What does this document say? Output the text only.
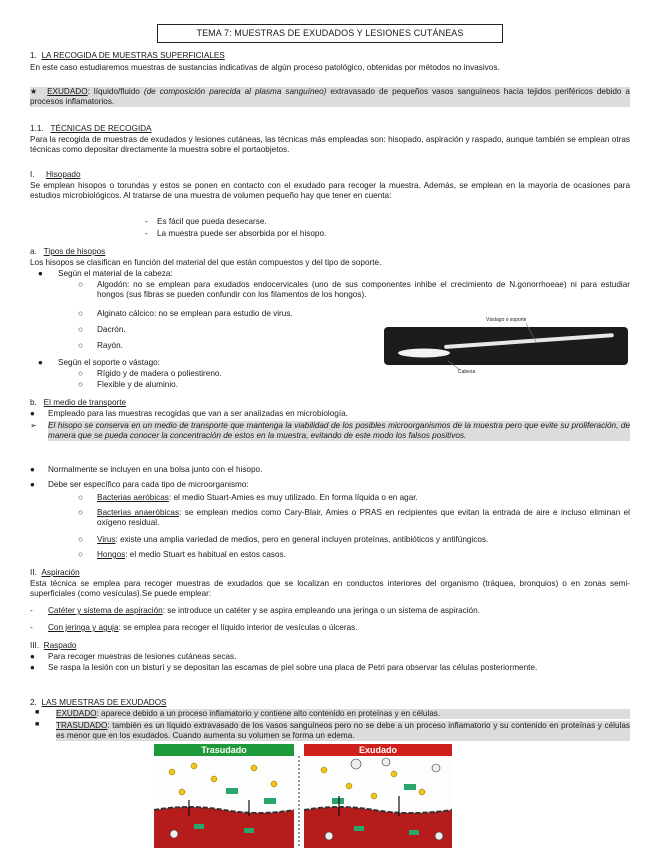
TEMA 7: MUESTRAS DE EXUDADOS Y LESIONES CUTÁNEAS
1. LA RECOGIDA DE MUESTRAS SUPERFICIALES
En este caso estudiaremos muestras de sustancias indicativas de algún proceso patológico, obtenidas por métodos no invasivos.
★ EXUDADO: líquido/fluido (de composición parecida al plasma sanguíneo) extravasado de pequeños vasos sanguíneos hacia tejidos periféricos debido a procesos inflamatorios.
1.1. TÉCNICAS DE RECOGIDA
Para la recogida de muestras de exudados y lesiones cutáneas, las técnicas más empleadas son: hisopado, aspiración y raspado, aunque también se emplean otras técnicas como depositar directamente la muestra sobre el portaobjetos.
I. Hisopado
Se emplean hisopos o torundas y estos se ponen en contacto con el exudado para recoger la muestra. Además, se emplean en la mayoría de ocasiones para estudios microbiológicos. Al tratarse de una muestra de volumen pequeño hay que tener en cuenta:
- Es fácil que pueda desecarse.
- La muestra puede ser absorbida por el hisopo.
a. Tipos de hisopos
Los hisopos se clasifican en función del material del que están compuestos y del tipo de soporte.
● Según el material de la cabeza:
○ Algodón: no se emplean para exudados endocervicales (uno de sus componentes inhibe el crecimiento de N.gonorrhoeae) ni para estudiar hongos (sus fibras se pueden confundir con los filamentos de los hongos).
○ Alginato cálcico: no se emplean para estudio de virus.
○ Dacrón.
○ Rayón.
● Según el soporte o vástago:
○ Rígido y de madera o poliestireno.
○ Flexible y de aluminio.
Vástago o soporte
Cabeza
b. El medio de transporte
● Empleado para las muestras recogidas que van a ser analizadas en microbiología.
➢ El hisopo se conserva en un medio de transporte que mantenga la viabilidad de los posibles microorganismos de la muestra pero que evite su proliferación, de manera que se pueda conocer la concentración de estos en la muestra, evitando de este modo los falsos positivos.
● Normalmente se incluyen en una bolsa junto con el hisopo.
● Debe ser específico para cada tipo de microorganismo:
○ Bacterias aeróbicas: el medio Stuart-Amies es muy utilizado. En forma líquida o en agar.
○ Bacterias anaeróbicas: se emplean medios como Cary-Blair, Amies o PRAS en recipientes que evitan la entrada de aire e incluso eliminan el oxígeno residual.
○ Virus: existe una amplia variedad de medios, pero en general incluyen proteínas, antibióticos y antifúngicos.
○ Hongos: el medio Stuart es habitual en estos casos.
II. Aspiración
Esta técnica se emplea para recoger muestras de exudados que se localizan en conductos interiores del organismo (tráquea, bronquios) o en zonas semi-superficiales (como vesículas).Se puede emplear:
- Catéter y sistema de aspiración: se introduce un catéter y se aspira empleando una jeringa o un sistema de aspiración.
- Con jeringa y aguja: se emplea para recoger el líquido interior de vesículas o úlceras.
III. Raspado
● Para recoger muestras de lesiones cutáneas secas.
● Se raspa la lesión con un bisturí y se depositan las escamas de piel sobre una placa de Petri para observar las células posteriormente.
2. LAS MUESTRAS DE EXUDADOS
■ EXUDADO: aparece debido a un proceso inflamatorio y contiene alto contenido en proteínas y en células.
■ TRASUDADO: también es un líquido extravasado de los vasos sanguíneos pero no se debe a un proceso inflamatorio y su contenido en proteínas y células es menor que en los exudados. Cuando aumenta su volumen se forma un edema.
Trasudado	Exudado
